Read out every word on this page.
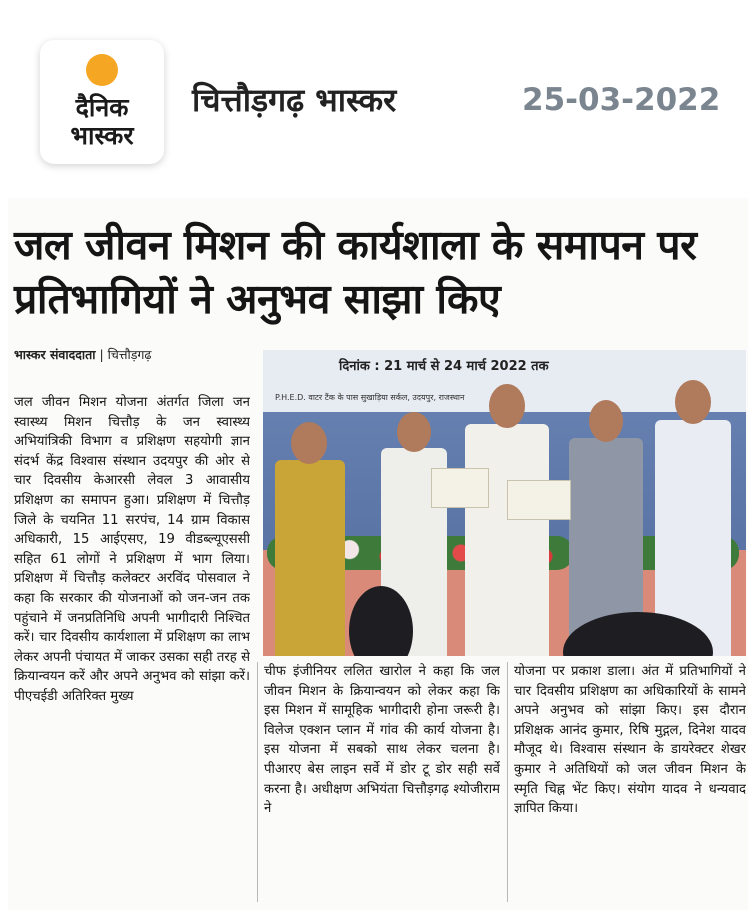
दैनिक
भास्कर
चित्तौड़गढ़ भास्कर	25-03-2022
जल जीवन मिशन की कार्यशाला के समापन पर प्रतिभागियों ने अनुभव साझा किए
भास्कर संवाददाता | चित्तौड़गढ़
जल जीवन मिशन योजना अंतर्गत जिला जन स्वास्थ्य मिशन चित्तौड़ के जन स्वास्थ्य अभियांत्रिकी विभाग व प्रशिक्षण सहयोगी ज्ञान संदर्भ केंद्र विश्वास संस्थान उदयपुर की ओर से चार दिवसीय केआरसी लेवल 3 आवासीय प्रशिक्षण का समापन हुआ। प्रशिक्षण में चित्तौड़ जिले के चयनित 11 सरपंच, 14 ग्राम विकास अधिकारी, 15 आईएसए, 19 वीडब्ल्यूएससी सहित 61 लोगों ने प्रशिक्षण में भाग लिया। प्रशिक्षण में चित्तौड़ कलेक्टर अरविंद पोसवाल ने कहा कि सरकार की योजनाओं को जन-जन तक पहुंचाने में जनप्रतिनिधि अपनी भागीदारी निश्चित करें। चार दिवसीय कार्यशाला में प्रशिक्षण का लाभ लेकर अपनी पंचायत में जाकर उसका सही तरह से क्रियान्वयन करें और अपने अनुभव को सांझा करें। पीएचईडी अतिरिक्त मुख्य
दिनांक : 21 मार्च से 24 मार्च 2022 तक
P.H.E.D. वाटर टैंक के पास सुखाड़िया सर्कल, उदयपुर, राजस्थान
चीफ इंजीनियर ललित खारोल ने कहा कि जल जीवन मिशन के क्रियान्वयन को लेकर कहा कि इस मिशन में सामूहिक भागीदारी होना जरूरी है। विलेज एक्शन प्लान में गांव की कार्य योजना है। इस योजना में सबको साथ लेकर चलना है। पीआरए बेस लाइन सर्वे में डोर टू डोर सही सर्वे करना है। अधीक्षण अभियंता चित्तौड़गढ़ श्योजीराम ने
योजना पर प्रकाश डाला। अंत में प्रतिभागियों ने चार दिवसीय प्रशिक्षण का अधिकारियों के सामने अपने अनुभव को सांझा किए। इस दौरान प्रशिक्षक आनंद कुमार, रिषि मुद्गल, दिनेश यादव मौजूद थे। विश्वास संस्थान के डायरेक्टर शेखर कुमार ने अतिथियों को जल जीवन मिशन के स्मृति चिह्न भेंट किए। संयोग यादव ने धन्यवाद ज्ञापित किया।
